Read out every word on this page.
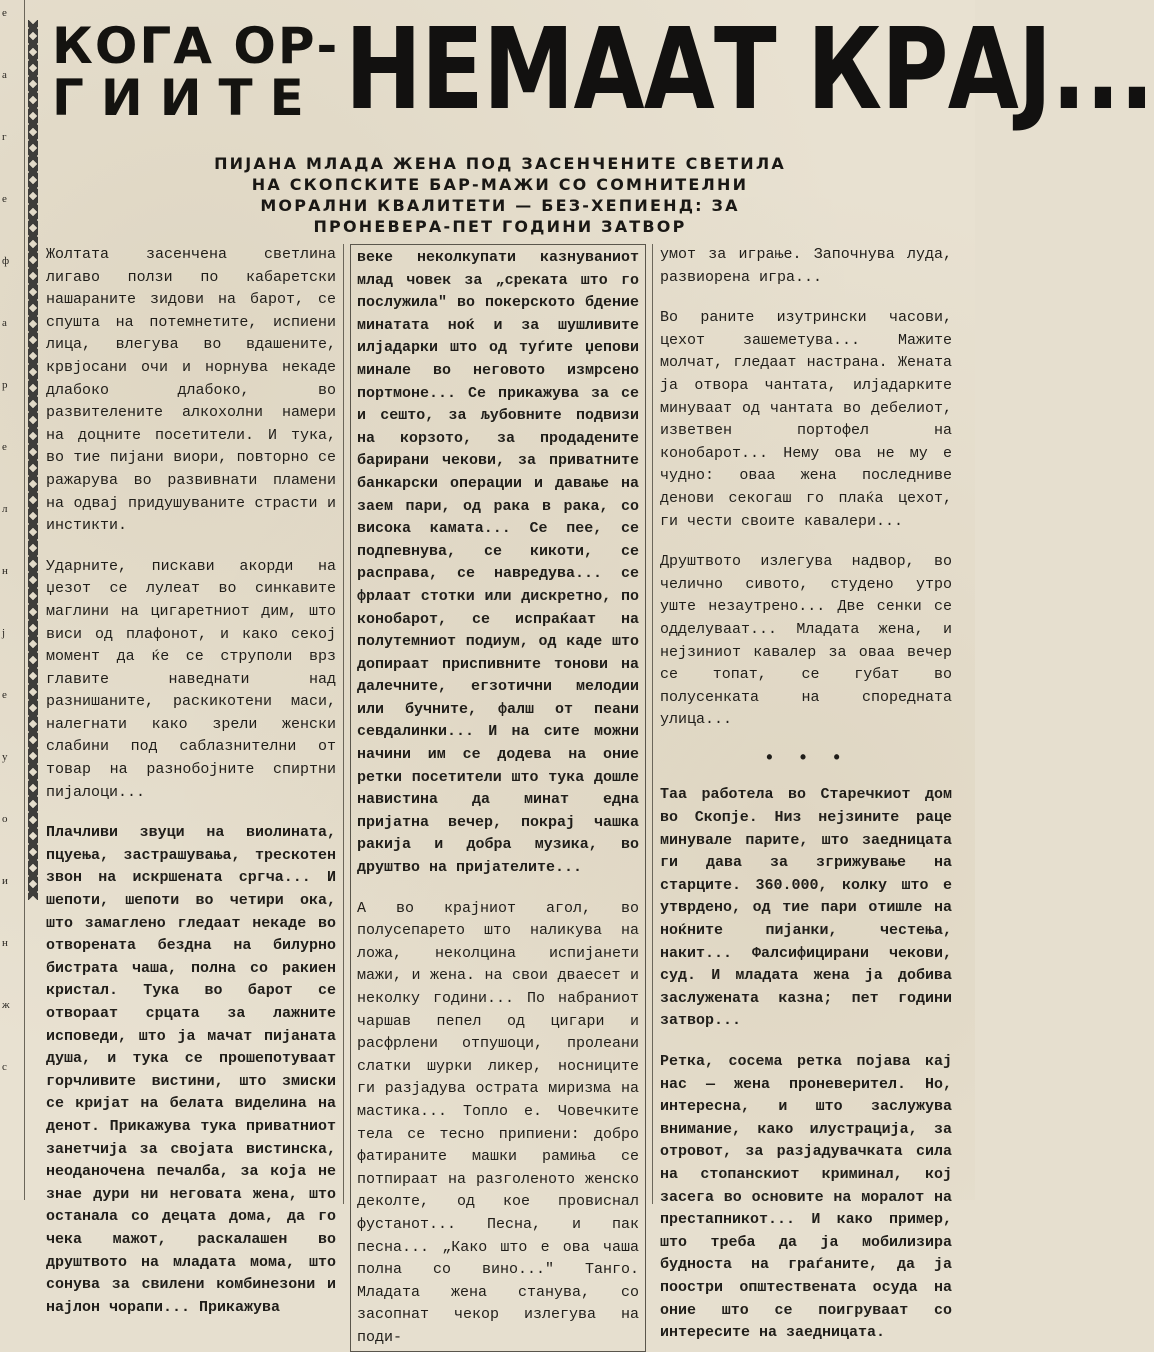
е
а
г
е
ф
а
р
е
л
н
ј
е
у
о
и
н
ж
с
КОГА ОР-
ГИИТЕ НЕМААТ КРАЈ...
ПИЈАНА МЛАДА ЖЕНА ПОД ЗАСЕНЧЕНИТЕ СВЕТИЛА НА СКОПСКИТЕ БАР-МАЖИ СО СОМНИТЕЛНИ МОРАЛНИ КВАЛИТЕТИ — БЕЗ-ХЕПИЕНД: ЗА ПРОНЕВЕРА-ПЕТ ГОДИНИ ЗАТВОР

Жолтата засенчена светлина лигаво ползи по кабаретски нашараните зидови на барот, се спушта на потемнетите, испиени лица, влегува во вдашените, крвјосани очи и норнува некаде длабоко длабоко, во развителените алкохолни намери на доцните посетители. И тука, во тие пијани виори, повторно се ражарува во развивнати пламени на одвај придушуваните страсти и инстикти.

Ударните, пискави акорди на џезот се лулеат во синкавите маглини на цигаретниот дим, што виси од плафонот, и како секој момент да ќе се струполи врз главите наведнати над разнишаните, раскикотени маси, налегнати како зрели женски слабини под саблазнителни от товар на разнобојните спиртни пијалоци...

Плачливи звуци на виолината, пцуења, застрашувања, трескотен звон на искршената сргча... И шепоти, шепоти во четири ока, што замаглено гледаат некаде во отворената бездна на билурно бистрата чаша, полна со ракиен кристал. Тука во барот се отвораат срцата за лажните исповеди, што ја мачат пијаната душа, и тука се прошепотуваат горчливите вистини, што змиски се криjат на белата виделина на денот. Прикажува тука приватниот занетчија за својата вистинска, неоданочена печалба, за која не знае дури ни неговата жена, што останала со децата дома, да го чека мажот, раскалашен во друштвото на младата мома, што сонува за свилени комбинезони и најлон чорапи... Прикажува

веке неколкупати казнуваниот млад човек за „срекатa што го послужила" во покерското бдение минатата ноќ и за шушливите илјадарки што од туѓите џепови минале во неговото измрсено портмоне... Се прикажува за се и сешто, за љубовните подвизи на корзото, за продадените барирани чекови, за приватните банкарски операции и давање на заем пари, од рака в рака, со висока камата... Се пее, се подпевнува, се кикоти, се расправа, се навредува... се фрлаат стотки или дискретно, по конобарот, се испраќаат на полутемниот подиум, од каде што допираат приспивните тонови на далечните, егзотични мелодии или бучните, фалш от пеани севдалинки... И на сите можни начини им се додева на оние ретки посетители што тука дошле навистина да минат една пријатна вечер, покрај чашка ракија и добра музика, во друштво на пријателите...

А во крајниот агол, во полусепарето што наликува на ложа, неколцина испијанети мажи, и жена. на свои дваесет и неколку години... По набраниот чаршав пепел од цигари и расфрлени отпушоци, пролеани слатки шурки ликер, носниците ги разјадува острата миризма на мастика... Топло е. Човечките тела се тесно припиени: добро фатираните машки рамиња се потпираат на разголеното женско деколте, од кое провиснал фустанот... Песна, и пак песна... „Како што е ова чаша полна со вино..." Танго. Младата жена станува, со засопнат чекор излегува на поди-

умот за играње. Започнува луда, развиорена игра...

Во раните изутрински часови, цехот зашеметува... Мажите молчат, гледаат настрана. Жената ја отвора чантата, илјадарките минуваат од чантата во дебелиот, извeтвен портофел на конобарот... Нему ова не му е чудно: оваа жена последниве денови секогаш го плаќа цехот, ги чести своите кавалери...

Друштвото излегува надвор, во челично сивото, студено утро уште незаутрено... Две сенки се оддeлуваат... Младата жена, и нејзиниот кавалер за оваа вечер се топат, се губат во полусенката на споредната улица...

• • •

Таа работела во Старечкиот дом во Скопје. Низ нејзините раце минувале парите, што заедницата ги дава за згрижувањe на старците. 360.000, колку што е утврдено, од тие пари отишле на ноќните пијанки, честења, накит... Фалсифицирани чекови, суд. И младата жена ја добива заслужената казна; пет години затвор...

Ретка, сосема ретка појава кај нас — жена проневерител. Но, интересна, и што заслужува внимание, како илустрација, за отровот, за разјадувачката сила на стопанскиот криминал, кој засега во основите на моралот на престапникот... И како пример, што треба да ја мобилизира будноста на граѓаните, да ја поостри општествената осуда на оние што се поигруваат со интересите на заедницата.
